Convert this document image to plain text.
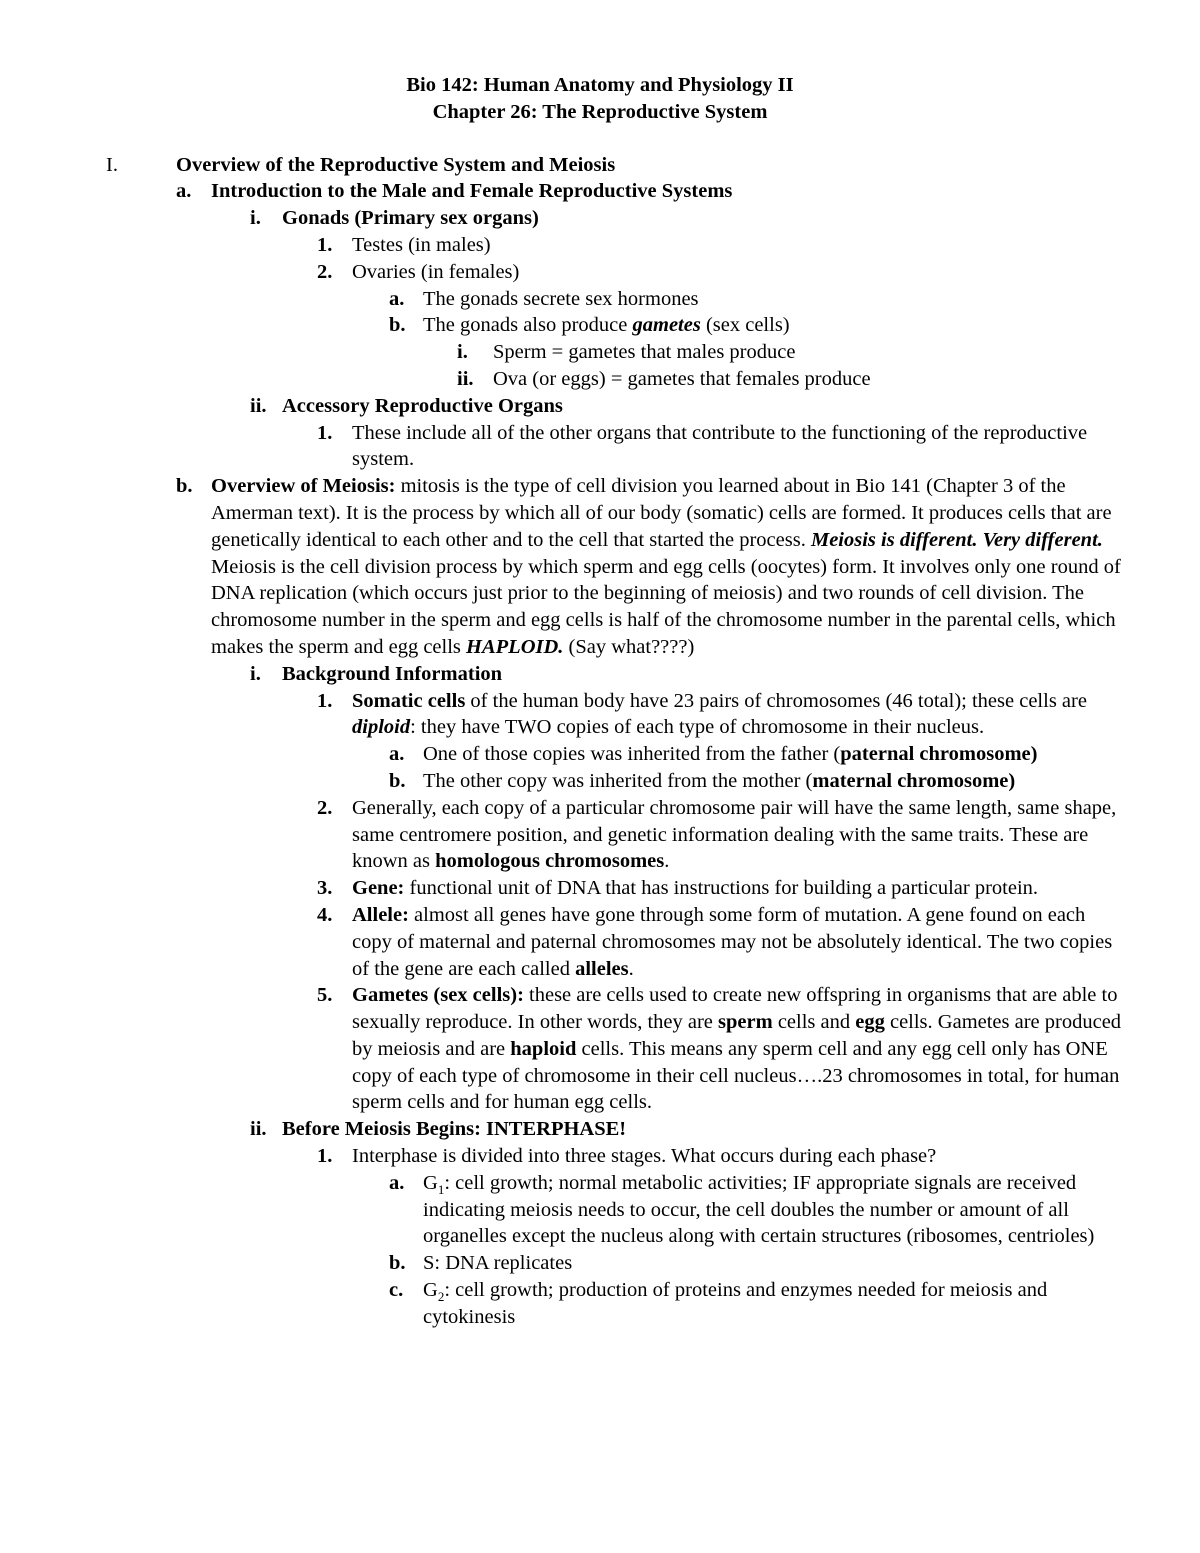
Bio 142: Human Anatomy and Physiology II

Chapter 26: The Reproductive System

I.	Overview of the Reproductive System and Meiosis
a. Introduction to the Male and Female Reproductive Systems
i. Gonads (Primary sex organs)
1. Testes (in males)
2. Ovaries (in females)
a. The gonads secrete sex hormones
b. The gonads also produce gametes (sex cells)
i. Sperm = gametes that males produce
ii. Ova (or eggs) = gametes that females produce
ii. Accessory Reproductive Organs
1. These include all of the other organs that contribute to the functioning of the reproductive system.
b. Overview of Meiosis: mitosis is the type of cell division you learned about in Bio 141 (Chapter 3 of the Amerman text). It is the process by which all of our body (somatic) cells are formed. It produces cells that are genetically identical to each other and to the cell that started the process. Meiosis is different. Very different. Meiosis is the cell division process by which sperm and egg cells (oocytes) form. It involves only one round of DNA replication (which occurs just prior to the beginning of meiosis) and two rounds of cell division. The chromosome number in the sperm and egg cells is half of the chromosome number in the parental cells, which makes the sperm and egg cells HAPLOID. (Say what????)
i. Background Information
1. Somatic cells of the human body have 23 pairs of chromosomes (46 total); these cells are diploid: they have TWO copies of each type of chromosome in their nucleus.
a. One of those copies was inherited from the father (paternal chromosome)
b. The other copy was inherited from the mother (maternal chromosome)
2. Generally, each copy of a particular chromosome pair will have the same length, same shape, same centromere position, and genetic information dealing with the same traits. These are known as homologous chromosomes.
3. Gene: functional unit of DNA that has instructions for building a particular protein.
4. Allele: almost all genes have gone through some form of mutation. A gene found on each copy of maternal and paternal chromosomes may not be absolutely identical. The two copies of the gene are each called alleles.
5. Gametes (sex cells): these are cells used to create new offspring in organisms that are able to sexually reproduce. In other words, they are sperm cells and egg cells. Gametes are produced by meiosis and are haploid cells. This means any sperm cell and any egg cell only has ONE copy of each type of chromosome in their cell nucleus….23 chromosomes in total, for human sperm cells and for human egg cells.
ii. Before Meiosis Begins: INTERPHASE!
1. Interphase is divided into three stages. What occurs during each phase?
a. $G_1$: cell growth; normal metabolic activities; IF appropriate signals are received indicating meiosis needs to occur, the cell doubles the number or amount of all organelles except the nucleus along with certain structures (ribosomes, centrioles)
b. S: DNA replicates
c. $G_2$: cell growth; production of proteins and enzymes needed for meiosis and cytokinesis
